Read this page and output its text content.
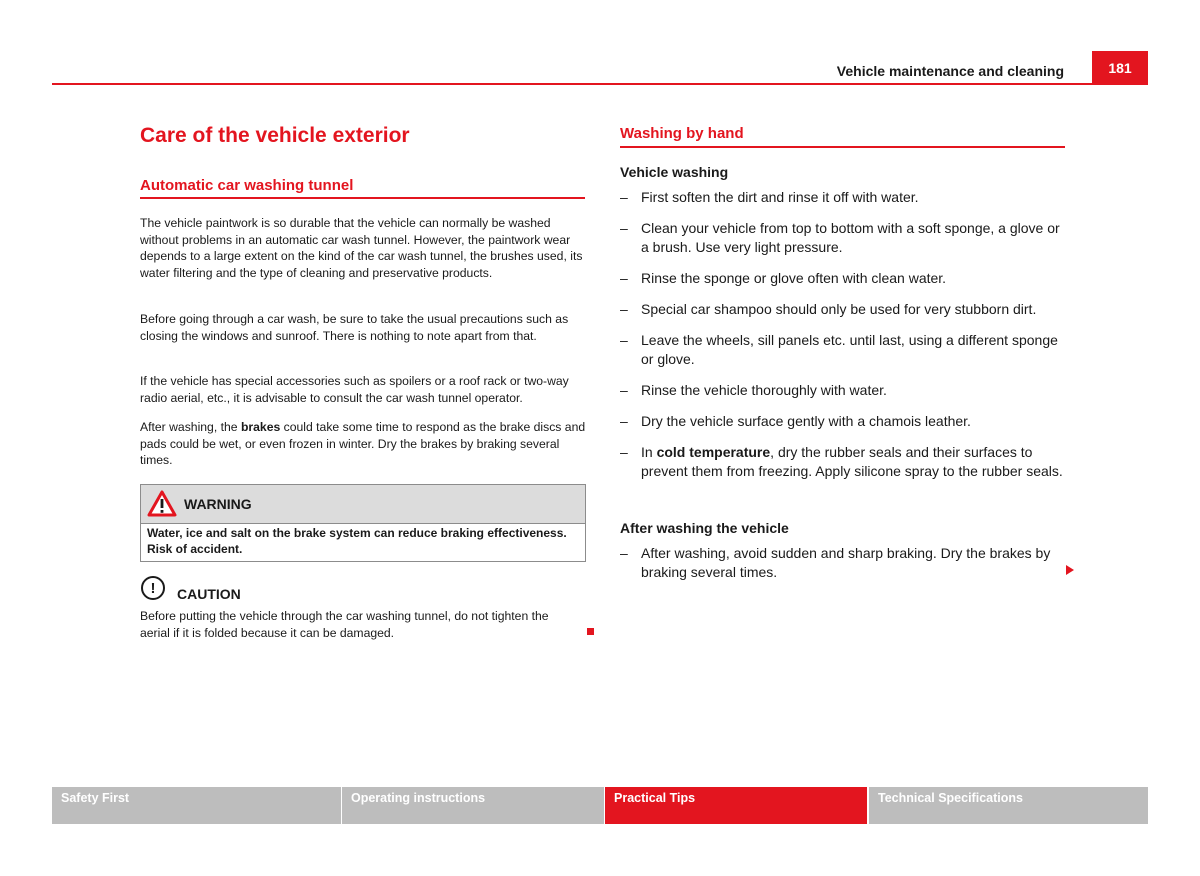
Vehicle maintenance and cleaning	181
Care of the vehicle exterior
Automatic car washing tunnel
The vehicle paintwork is so durable that the vehicle can normally be washed without problems in an automatic car wash tunnel. However, the paintwork wear depends to a large extent on the kind of the car wash tunnel, the brushes used, its water filtering and the type of cleaning and preservative products.
Before going through a car wash, be sure to take the usual precautions such as closing the windows and sunroof. There is nothing to note apart from that.
If the vehicle has special accessories such as spoilers or a roof rack or two-way radio aerial, etc., it is advisable to consult the car wash tunnel operator.
After washing, the brakes could take some time to respond as the brake discs and pads could be wet, or even frozen in winter. Dry the brakes by braking several times.
WARNING
Water, ice and salt on the brake system can reduce braking effectiveness. Risk of accident.
!	CAUTION
Before putting the vehicle through the car washing tunnel, do not tighten the aerial if it is folded because it can be damaged.
Washing by hand
Vehicle washing
– First soften the dirt and rinse it off with water.
– Clean your vehicle from top to bottom with a soft sponge, a glove or a brush. Use very light pressure.
– Rinse the sponge or glove often with clean water.
– Special car shampoo should only be used for very stubborn dirt.
– Leave the wheels, sill panels etc. until last, using a different sponge or glove.
– Rinse the vehicle thoroughly with water.
– Dry the vehicle surface gently with a chamois leather.
– In cold temperature, dry the rubber seals and their surfaces to prevent them from freezing. Apply silicone spray to the rubber seals.
After washing the vehicle
– After washing, avoid sudden and sharp braking. Dry the brakes by braking several times.
Safety First	Operating instructions	Practical Tips	Technical Specifications
